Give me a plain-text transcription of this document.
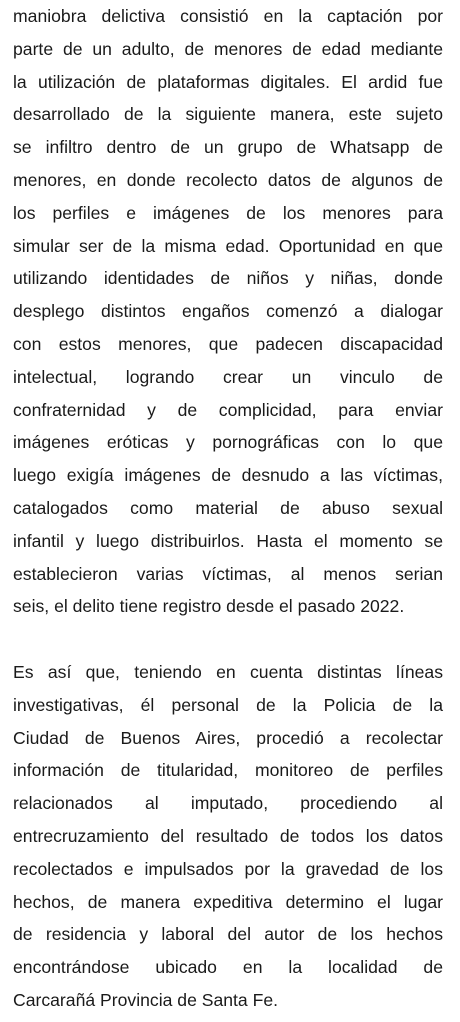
maniobra delictiva consistió en la captación por
parte de un adulto, de menores de edad mediante
la utilización de plataformas digitales. El ardid fue
desarrollado de la siguiente manera, este sujeto
se infiltro dentro de un grupo de Whatsapp de
menores, en donde recolecto datos de algunos de
los perfiles e imágenes de los menores para
simular ser de la misma edad. Oportunidad en que
utilizando identidades de niños y niñas, donde
desplego distintos engaños comenzó a dialogar
con estos menores, que padecen discapacidad
intelectual, logrando crear un vinculo de
confraternidad y de complicidad, para enviar
imágenes eróticas y pornográficas con lo que
luego exigía imágenes de desnudo a las víctimas,
catalogados como material de abuso sexual
infantil y luego distribuirlos. Hasta el momento se
establecieron varias víctimas, al menos serian
seis, el delito tiene registro desde el pasado 2022.
Es así que, teniendo en cuenta distintas líneas
investigativas, él personal de la Policia de la
Ciudad de Buenos Aires, procedió a recolectar
información de titularidad, monitoreo de perfiles
relacionados al imputado, procediendo al
entrecruzamiento del resultado de todos los datos
recolectados e impulsados por la gravedad de los
hechos, de manera expeditiva determino el lugar
de residencia y laboral del autor de los hechos
encontrándose ubicado en la localidad de
Carcarañá Provincia de Santa Fe.
